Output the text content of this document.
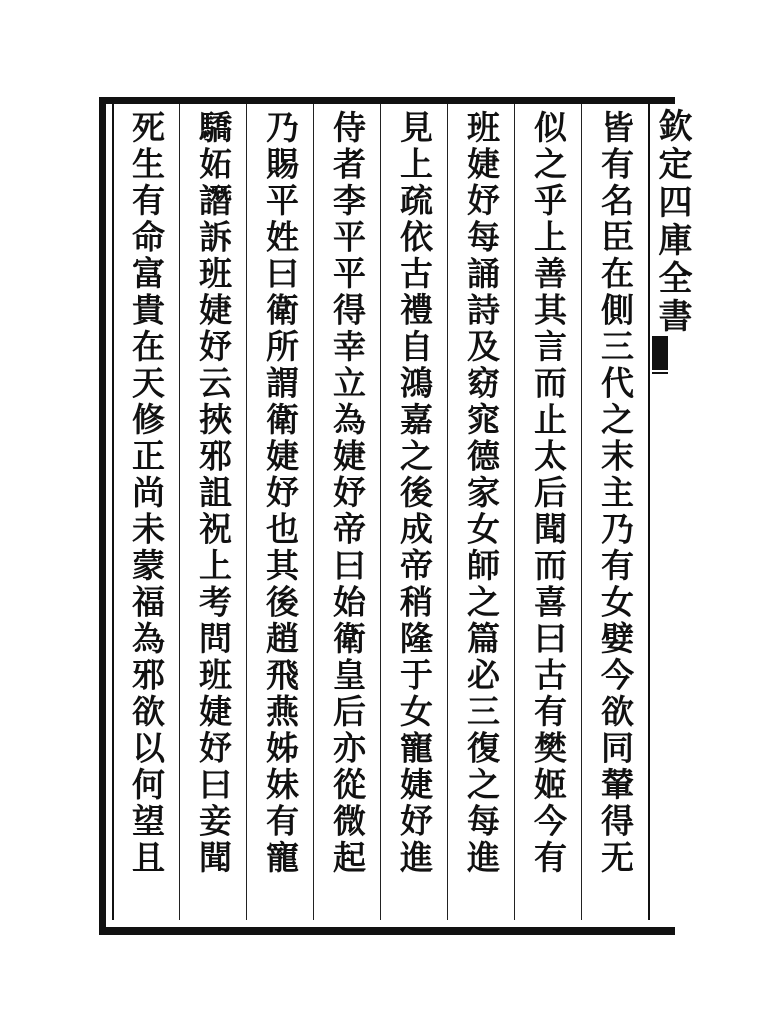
皆有名臣在側三代之末主乃有女嬖今欲同輦得无
似之乎上善其言而止太后聞而喜曰古有樊姬今有
班婕妤每誦詩及窈窕德家女師之篇必三復之每進
見上疏依古禮自鴻嘉之後成帝稍隆于女寵婕妤進
侍者李平平得幸立為婕妤帝曰始衛皇后亦從微起
乃賜平姓曰衛所謂衛婕妤也其後趙飛燕姊妹有寵
驕妬譖訴班婕妤云挾邪詛祝上考問班婕妤曰妾聞
死生有命富貴在天修正尚未蒙福為邪欲以何望且	欽定四庫全書
